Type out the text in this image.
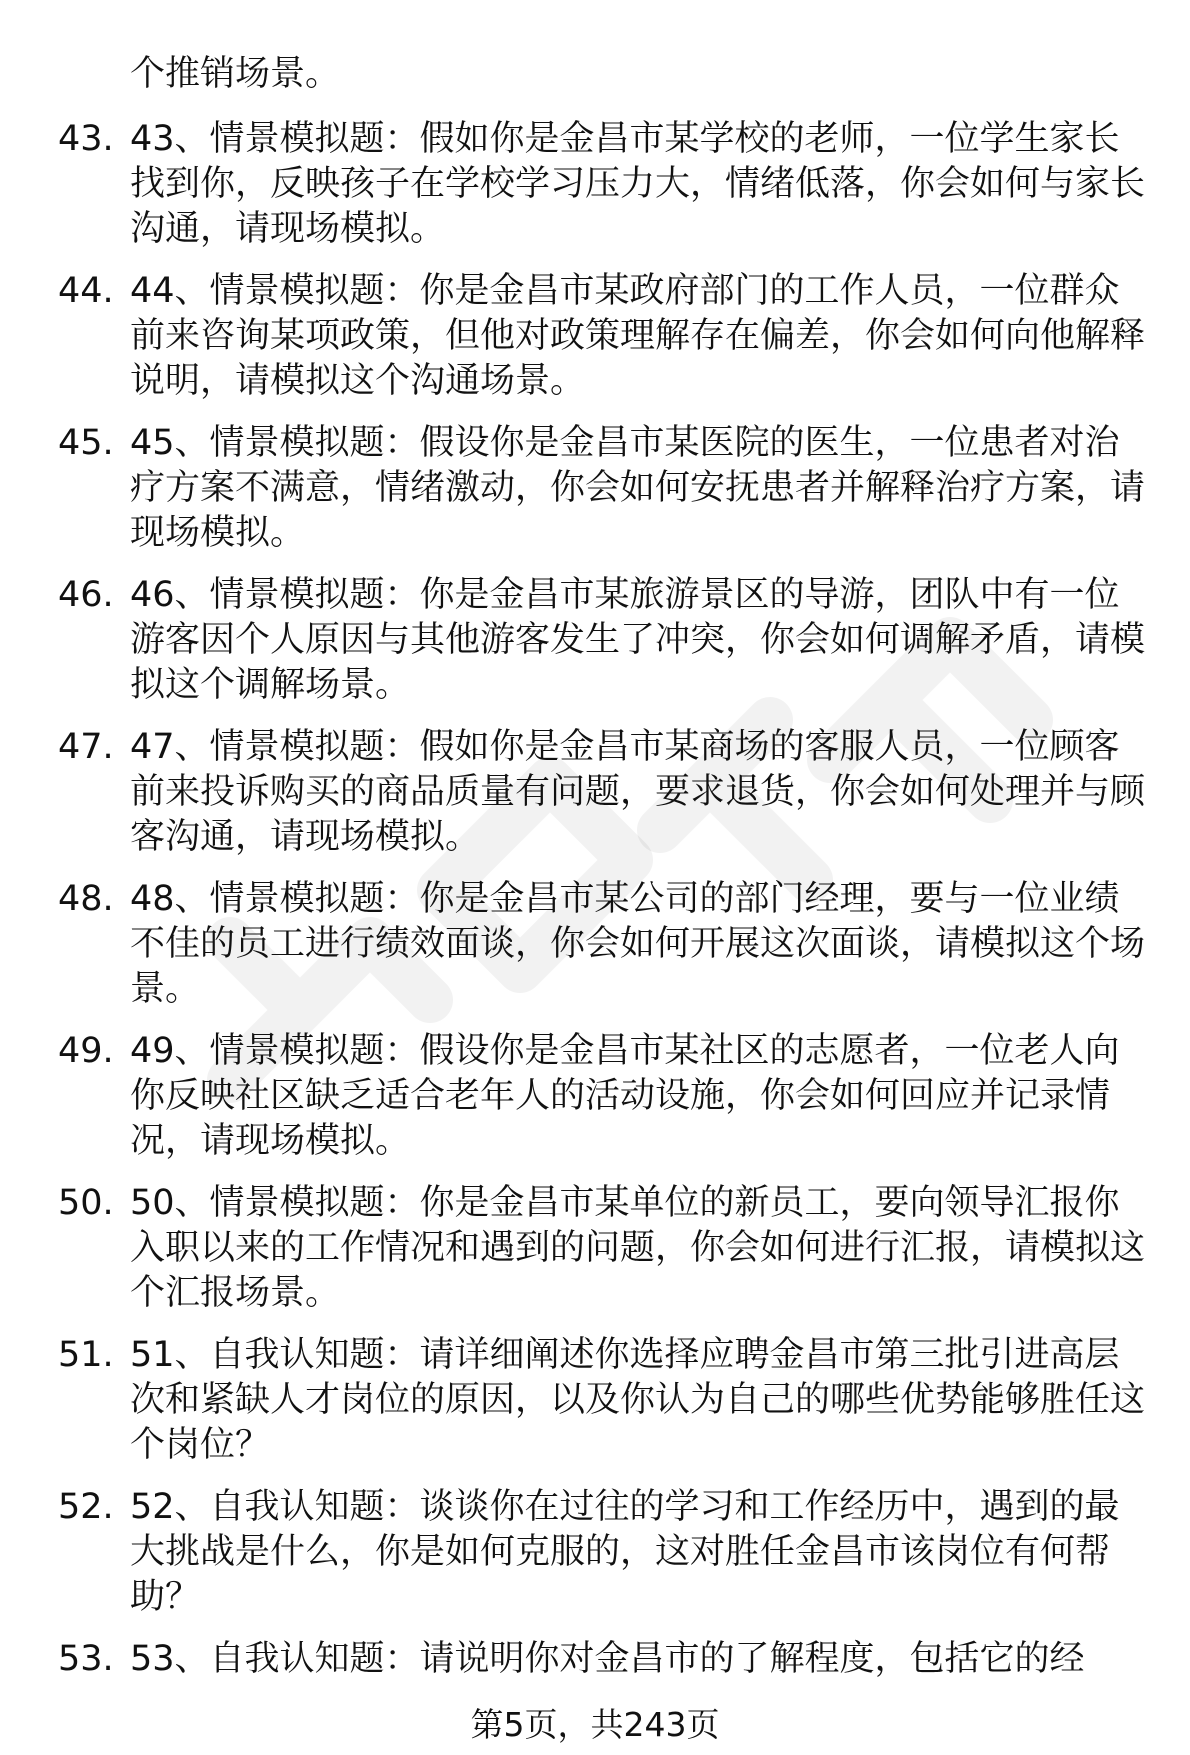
个推销场景。
43. 43、情景模拟题：假如你是金昌市某学校的老师，一位学生家长找到你，反映孩子在学校学习压力大，情绪低落，你会如何与家长沟通，请现场模拟。
44. 44、情景模拟题：你是金昌市某政府部门的工作人员，一位群众前来咨询某项政策，但他对政策理解存在偏差，你会如何向他解释说明，请模拟这个沟通场景。
45. 45、情景模拟题：假设你是金昌市某医院的医生，一位患者对治疗方案不满意，情绪激动，你会如何安抚患者并解释治疗方案，请现场模拟。
46. 46、情景模拟题：你是金昌市某旅游景区的导游，团队中有一位游客因个人原因与其他游客发生了冲突，你会如何调解矛盾，请模拟这个调解场景。
47. 47、情景模拟题：假如你是金昌市某商场的客服人员，一位顾客前来投诉购买的商品质量有问题，要求退货，你会如何处理并与顾客沟通，请现场模拟。
48. 48、情景模拟题：你是金昌市某公司的部门经理，要与一位业绩不佳的员工进行绩效面谈，你会如何开展这次面谈，请模拟这个场景。
49. 49、情景模拟题：假设你是金昌市某社区的志愿者，一位老人向你反映社区缺乏适合老年人的活动设施，你会如何回应并记录情况，请现场模拟。
50. 50、情景模拟题：你是金昌市某单位的新员工，要向领导汇报你入职以来的工作情况和遇到的问题，你会如何进行汇报，请模拟这个汇报场景。
51. 51、自我认知题：请详细阐述你选择应聘金昌市第三批引进高层次和紧缺人才岗位的原因，以及你认为自己的哪些优势能够胜任这个岗位？
52. 52、自我认知题：谈谈你在过往的学习和工作经历中，遇到的最大挑战是什么，你是如何克服的，这对胜任金昌市该岗位有何帮助？
53. 53、自我认知题：请说明你对金昌市的了解程度，包括它的经
第5页，共243页
